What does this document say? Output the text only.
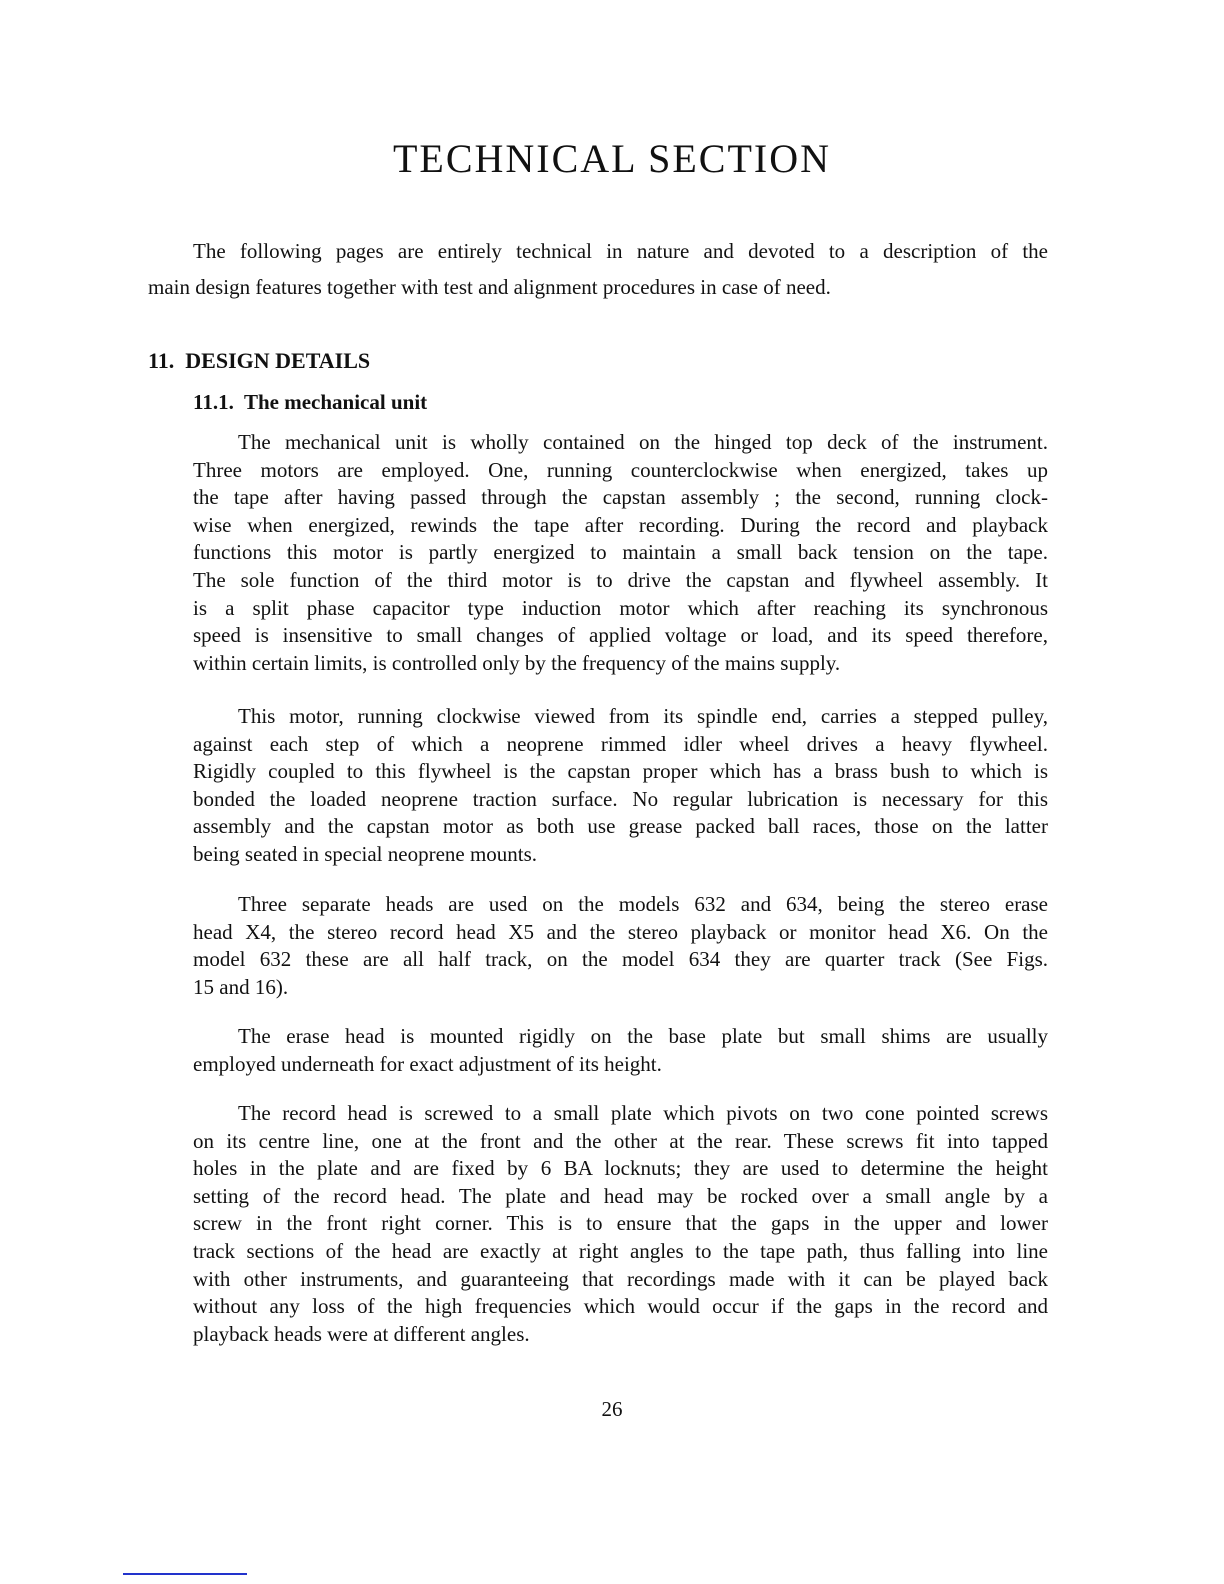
TECHNICAL SECTION
The following pages are entirely technical in nature and devoted to a description of the
main design features together with test and alignment procedures in case of need.
11. DESIGN DETAILS
11.1. The mechanical unit
The mechanical unit is wholly contained on the hinged top deck of the instrument.
Three motors are employed. One, running counterclockwise when energized, takes up
the tape after having passed through the capstan assembly ; the second, running clock-
wise when energized, rewinds the tape after recording. During the record and playback
functions this motor is partly energized to maintain a small back tension on the tape.
The sole function of the third motor is to drive the capstan and flywheel assembly. It
is a split phase capacitor type induction motor which after reaching its synchronous
speed is insensitive to small changes of applied voltage or load, and its speed therefore,
within certain limits, is controlled only by the frequency of the mains supply.
This motor, running clockwise viewed from its spindle end, carries a stepped pulley,
against each step of which a neoprene rimmed idler wheel drives a heavy flywheel.
Rigidly coupled to this flywheel is the capstan proper which has a brass bush to which is
bonded the loaded neoprene traction surface. No regular lubrication is necessary for this
assembly and the capstan motor as both use grease packed ball races, those on the latter
being seated in special neoprene mounts.
Three separate heads are used on the models 632 and 634, being the stereo erase
head X4, the stereo record head X5 and the stereo playback or monitor head X6. On the
model 632 these are all half track, on the model 634 they are quarter track (See Figs.
15 and 16).
The erase head is mounted rigidly on the base plate but small shims are usually
employed underneath for exact adjustment of its height.
The record head is screwed to a small plate which pivots on two cone pointed screws
on its centre line, one at the front and the other at the rear. These screws fit into tapped
holes in the plate and are fixed by 6 BA locknuts; they are used to determine the height
setting of the record head. The plate and head may be rocked over a small angle by a
screw in the front right corner. This is to ensure that the gaps in the upper and lower
track sections of the head are exactly at right angles to the tape path, thus falling into line
with other instruments, and guaranteeing that recordings made with it can be played back
without any loss of the high frequencies which would occur if the gaps in the record and
playback heads were at different angles.
26
